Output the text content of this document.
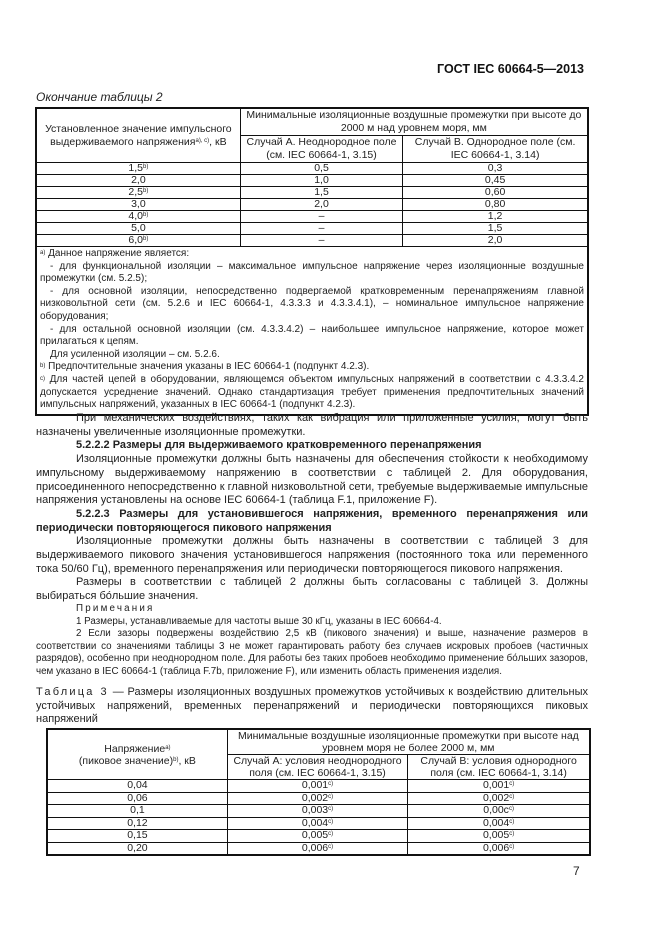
ГОСТ IEC 60664-5—2013
Окончание таблицы 2
Установленное значение импульсного выдерживаемого напряжения$^{a), c)}$, кВ	Минимальные изоляционные воздушные промежутки при высоте до 2000 м над уровнем моря, мм	
	Случай А. Неоднородное поле (см. IEC 60664-1, 3.15)	Случай В. Однородное поле (см. IEC 60664-1, 3.14)
1,5$^{b)}$	0,5	0,3
2,0	1,0	0,45
2,5$^{b)}$	1,5	0,60
3,0	2,0	0,80
4,0$^{b)}$	–	1,2
5,0	–	1,5
6,0$^{b)}$	–	2,0

$^{a)}$ Данное напряжение является:

- для функциональной изоляции – максимальное импульсное напряжение через изоляционные воздушные промежутки (см. 5.2.5);

- для основной изоляции, непосредственно подвергаемой кратковременным перенапряжениям главной низковольтной сети (см. 5.2.6 и IEC 60664-1, 4.3.3.3 и 4.3.3.4.1), – номинальное импульсное напряжение оборудования;

- для остальной основной изоляции (см. 4.3.3.4.2) – наибольшее импульсное напряжение, которое может прилагаться к цепям.

Для усиленной изоляции – см. 5.2.6.

$^{b)}$ Предпочтительные значения указаны в IEC 60664-1 (подпункт 4.2.3).

$^{c)}$ Для частей цепей в оборудовании, являющемся объектом импульсных напряжений в соответствии с 4.3.3.4.2 допускается усреднение значений. Однако стандартизация требует применения предпочтительных значений импульсных напряжений, указанных в IEC 60664-1 (подпункт 4.2.3).

При механических воздействиях, таких как вибрация или приложенные усилия, могут быть назначены увеличенные изоляционные промежутки.

5.2.2.2 Размеры для выдерживаемого кратковременного перенапряжения

Изоляционные промежутки должны быть назначены для обеспечения стойкости к необходимому импульсному выдерживаемому напряжению в соответствии с таблицей 2. Для оборудования, присоединенного непосредственно к главной низковольтной сети, требуемые выдерживаемые импульсные напряжения установлены на основе IEC 60664-1 (таблица F.1, приложение F).

5.2.2.3 Размеры для установившегося напряжения, временного перенапряжения или периодически повторяющегося пикового напряжения

Изоляционные промежутки должны быть назначены в соответствии с таблицей 3 для выдерживаемого пикового значения установившегося напряжения (постоянного тока или переменного тока 50/60 Гц), временного перенапряжения или периодически повторяющегося пикового напряжения.

Размеры в соответствии с таблицей 2 должны быть согласованы с таблицей 3. Должны выбираться бо́льшие значения.

Примечания

1 Размеры, устанавливаемые для частоты выше 30 кГц, указаны в IEC 60664-4.

2 Если зазоры подвержены воздействию 2,5 кВ (пикового значения) и выше, назначение размеров в соответствии со значениями таблицы 3 не может гарантировать работу без случаев искровых пробоев (частичных разрядов), особенно при неоднородном поле. Для работы без таких пробоев необходимо применение бо́льших зазоров, чем указано в IEC 60664-1 (таблица F.7b, приложение F), или изменить область применения изделия.

Таблица 3 — Размеры изоляционных воздушных промежутков устойчивых к воздействию длительных устойчивых напряжений, временных перенапряжений и периодически повторяющихся пиковых напряжений
Напряжение$^{a)}$
(пиковое значение)$^{b)}$, кВ	Минимальные воздушные изоляционные промежутки при высоте над уровнем моря не более 2000 м, мм	
	Случай А: условия неоднородного поля (см. IEC 60664-1, 3.15)	Случай В: условия однородного поля (см. IEC 60664-1, 3.14)
0,04	0,001$^{c)}$	0,001$^{c)}$
0,06	0,002$^{c)}$	0,002$^{c)}$
0,1	0,003$^{c)}$	$0,00c^{c)}$
0,12	0,004$^{c)}$	0,004$^{c)}$
0,15	0,005$^{c)}$	0,005$^{c)}$
0,20	0,006$^{c)}$	0,006$^{c)}$
7
